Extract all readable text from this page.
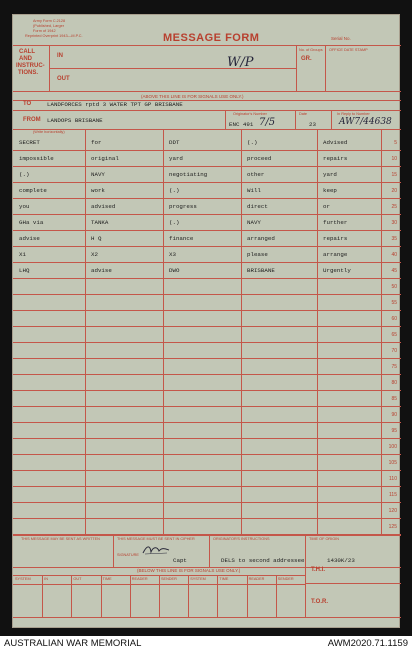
Army Form C.2128
(Published, Larger
Form of 1942
Reprinted Overprint 1943—M.P.C.	MESSAGE FORM	Serial No.
CALL
AND
INSTRUC-
TIONS.
IN
OUT
W/P
No. of Groups
GR.
OFFICE DATE STAMP
(ABOVE THIS LINE IS FOR SIGNALS USE ONLY.)
TO	LANDFORCES rptd 3 WATER TPT GP BRISBANE
Originator's Number	Date	In Reply to Number
FROM LANDOPS BRISBANE
ENC 491 7/5	23	AW7/44638
(Write horizontally)
SECRET	for	DDT	(.)	Advised	5
impossible	original	yard	proceed	repairs	10
(.)	NAVY	negotiating	other	yard	15
complete	work	(.)	Will	keep	20
you	advised	progress	direct	or	25
GHa via	TANKA	(.)	NAVY	further	30
advise	H Q	finance	arranged	repairs	35
X1	X2	X3	please	arrange	40
LHQ	advise	DWO	BRISBANE	Urgently	45
50
55
60
65
70
75
80
85
90
95
100
105
110
115
120
125
THIS MESSAGE MAY BE SENT AS WRITTEN	THIS MESSAGE MUST BE SENT IN CIPHER	ORIGINATOR'S INSTRUCTIONS	TIME OF ORIGIN
SIGNATURE
Capt	DELS to second addressee	1430K/23
(BELOW THIS LINE IS FOR SIGNALS USE ONLY.)	T.H.I.
T.O.R.
SYSTEM	IN	OUT	TIME	READER	SENDER	SYSTEM	TIME	READER	SENDER
AUSTRALIAN WAR MEMORIAL	AWM2020.71.1159
